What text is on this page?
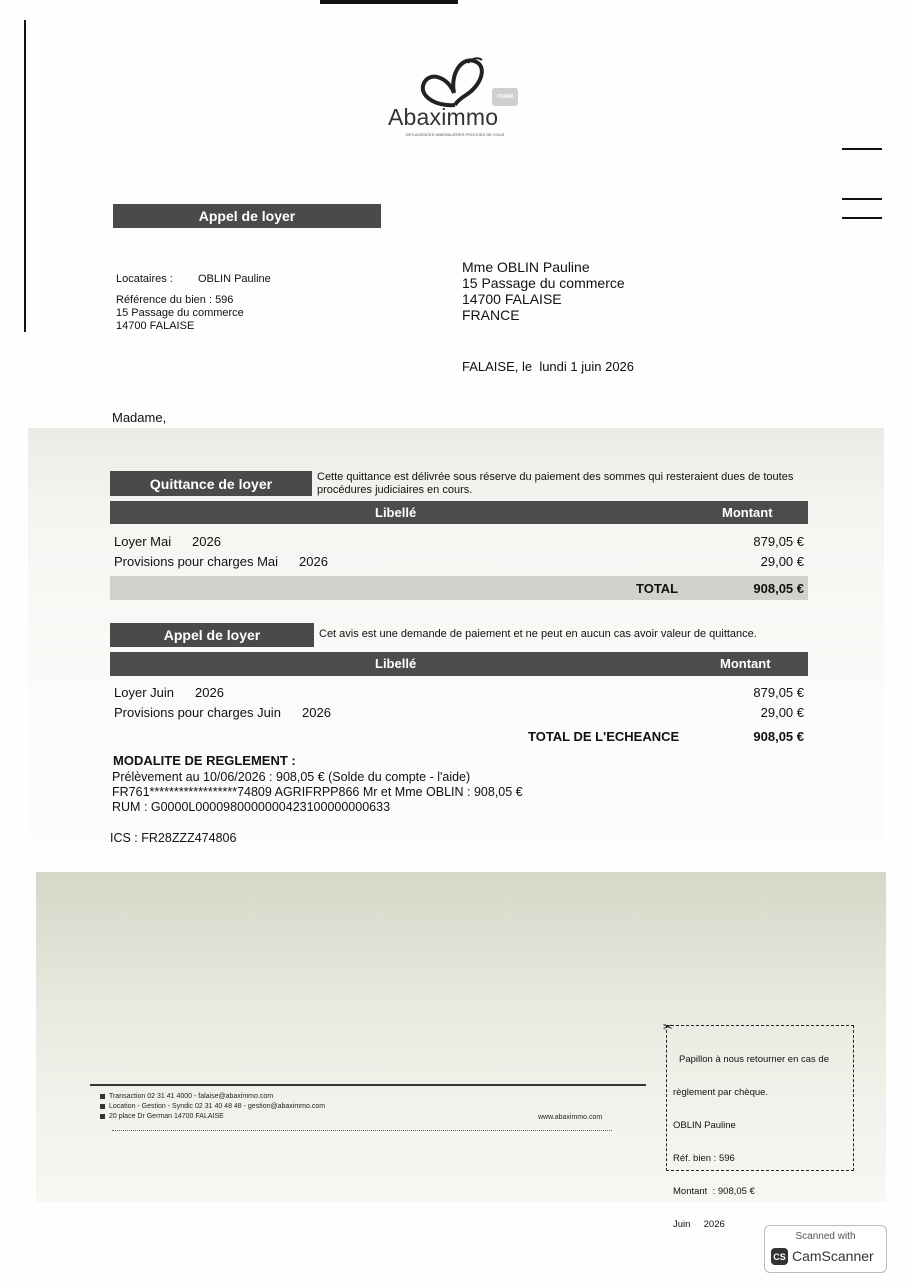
FNAIM
Abaximmo
DES AGENCES IMMOBILIÈRES PROCHES DE VOUS
Appel de loyer
Locataires : OBLIN Pauline
Référence du bien : 596
15 Passage du commerce
14700 FALAISE
Mme OBLIN Pauline
15 Passage du commerce
14700 FALAISE
FRANCE
FALAISE, le  lundi 1 juin 2026
Madame,
Quittance de loyer	Cette quittance est délivrée sous réserve du paiement des sommes qui resteraient dues de toutes procédures judiciaires en cours.
Libellé	Montant
Loyer Mai 2026	879,05 €
Provisions pour charges Mai 2026	29,00 €
TOTAL	908,05 €
Appel de loyer	Cet avis est une demande de paiement et ne peut en aucun cas avoir valeur de quittance.
Libellé	Montant
Loyer Juin 2026	879,05 €
Provisions pour charges Juin 2026	29,00 €
TOTAL DE L'ECHEANCE	908,05 €
MODALITE DE REGLEMENT :
Prélèvement au 10/06/2026 : 908,05 € (Solde du compte - l'aide)
FR761******************74809 AGRIFRPP866 Mr et Mme OBLIN : 908,05 €
RUM : G0000L0000980000000423100000000633
ICS : FR28ZZZ474806
Transaction 02 31 41 4000 - falaise@abaximmo.com
Location - Gestion - Syndic 02 31 40 48 48 - gestion@abaximmo.com
20 place Dr German 14700 FALAISE	www.abaximmo.com
✂

Papillon à nous retourner en cas de

règlement par chèque.

OBLIN Pauline

Réf. bien : 596

Montant  : 908,05 €

Juin     2026

Scanned with
CS CamScanner
